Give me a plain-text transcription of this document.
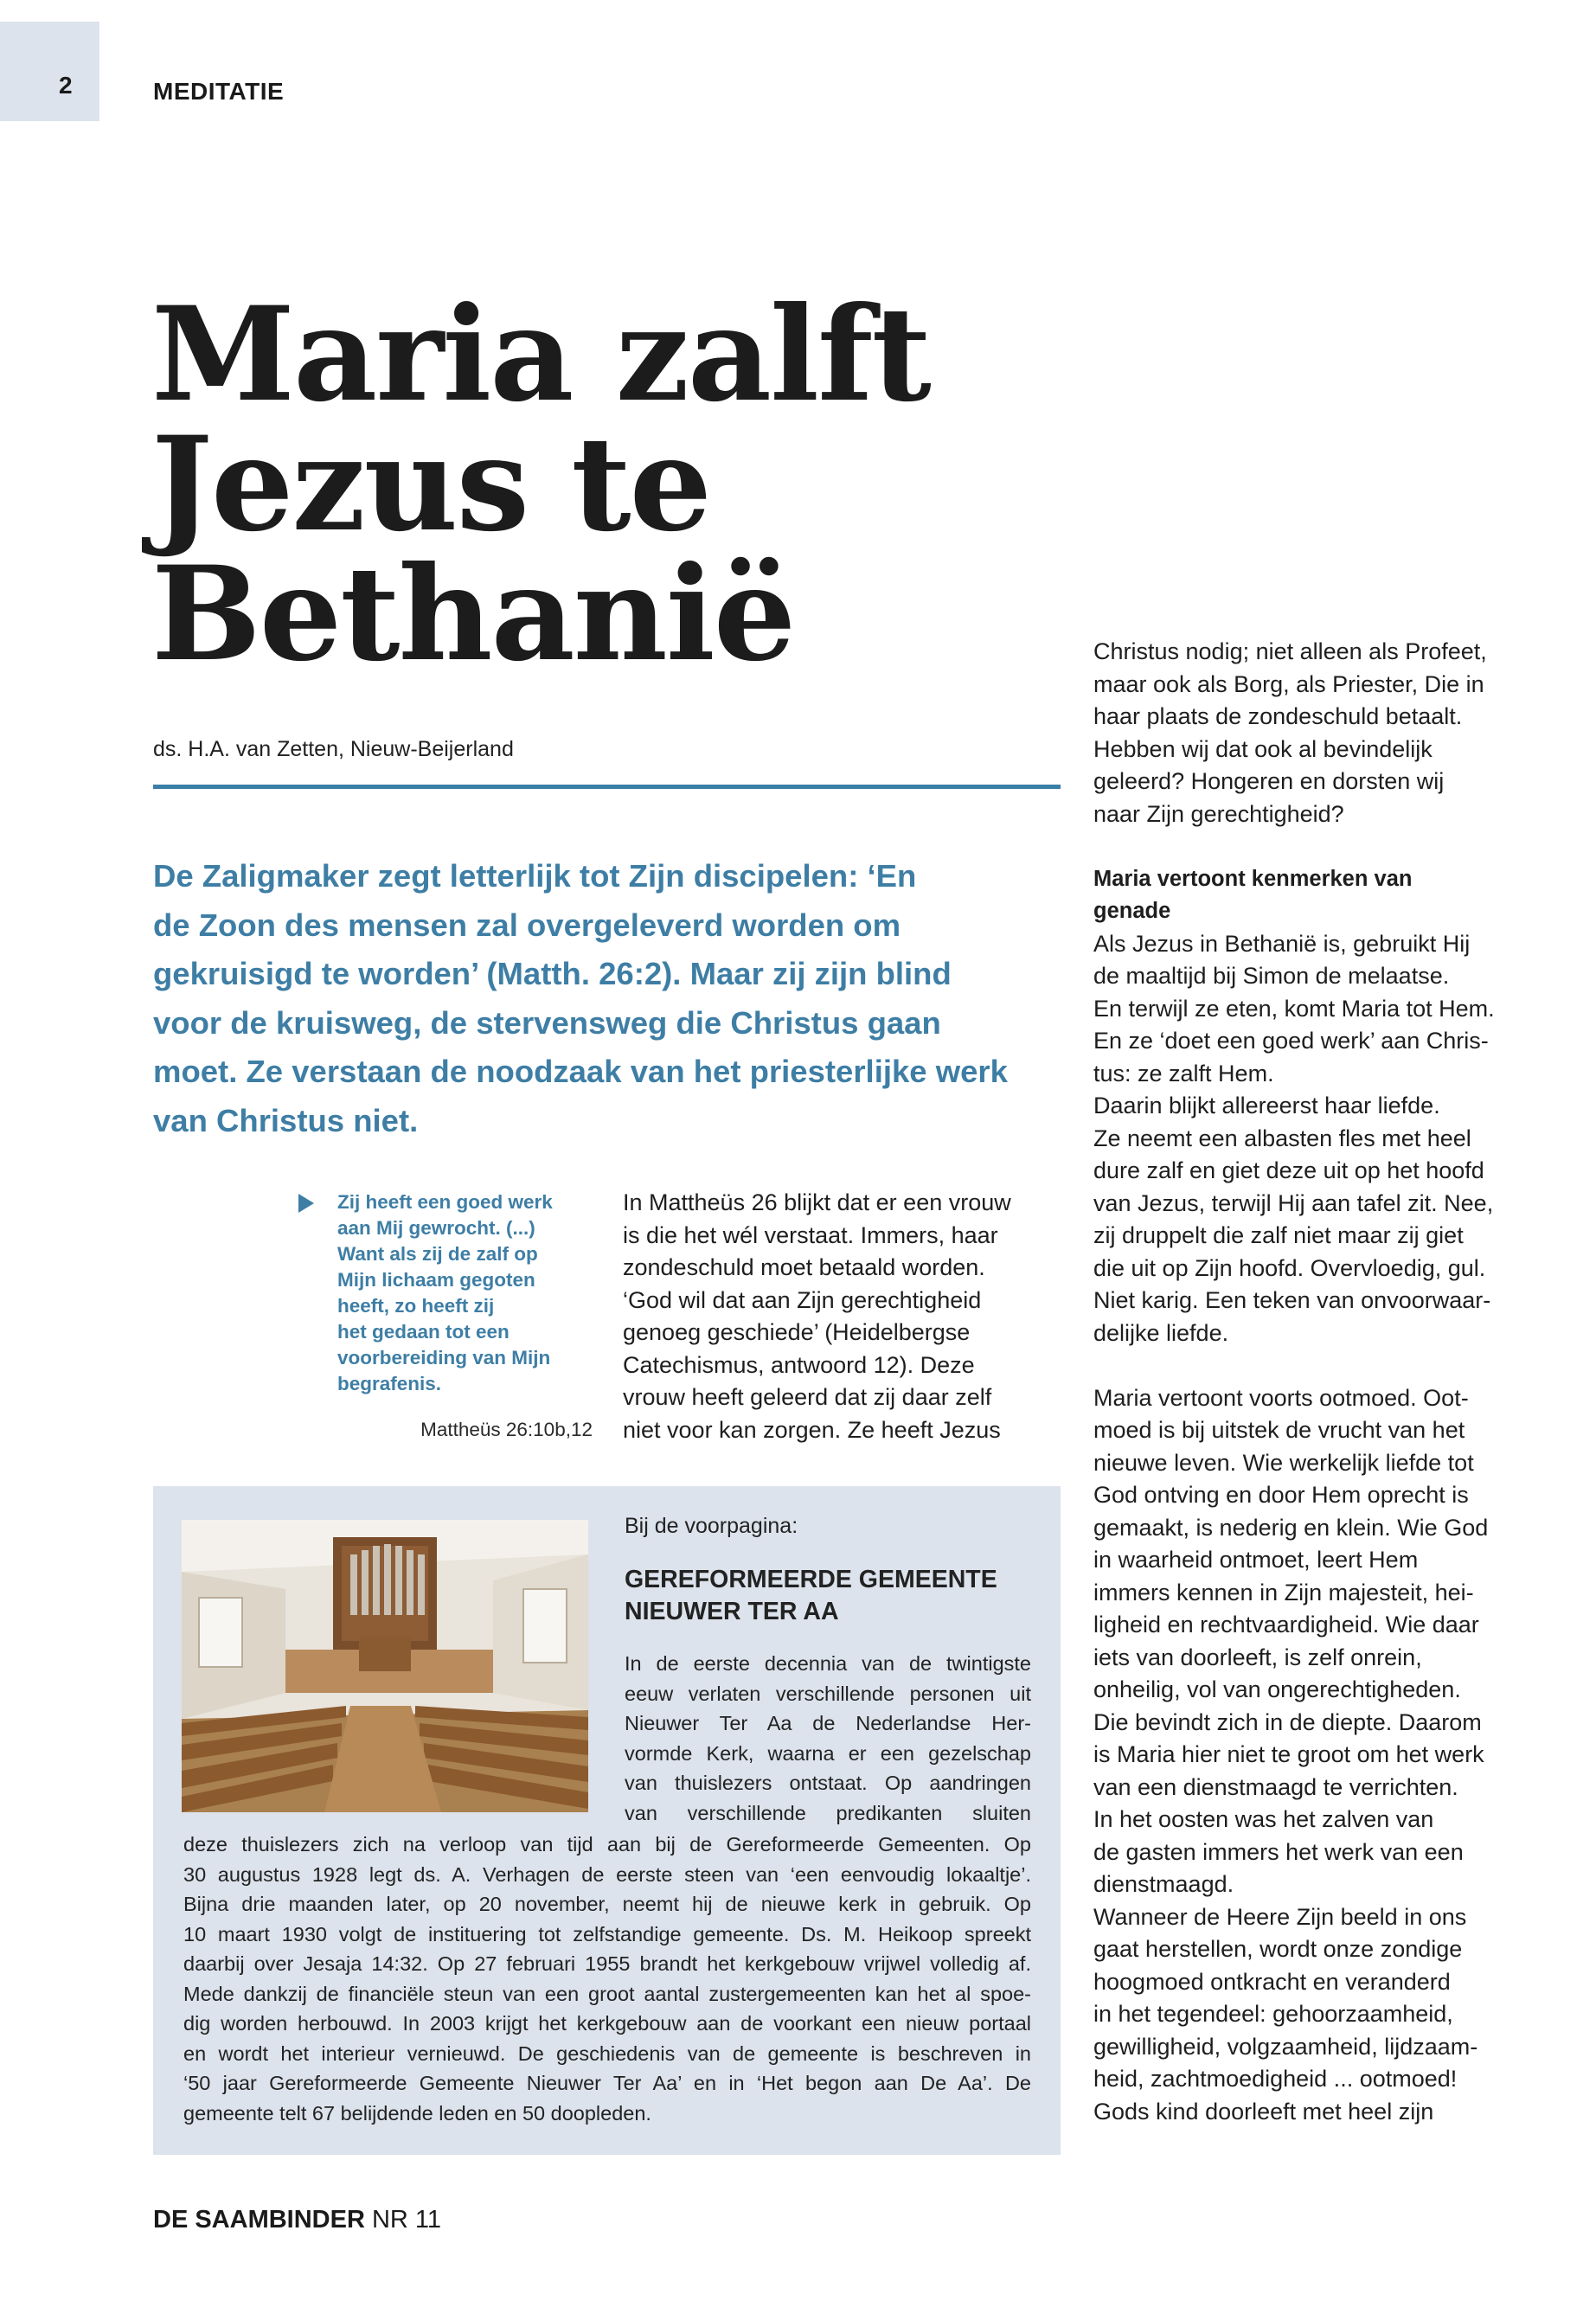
2	MEDITATIE
Maria zalft
Jezus te
Bethanië
ds. H.A. van Zetten, Nieuw-Beijerland
De Zaligmaker zegt letterlijk tot Zijn discipelen: ‘En
de Zoon des mensen zal overgeleverd worden om
gekruisigd te worden’ (Matth. 26:2). Maar zij zijn blind
voor de kruisweg, de stervensweg die Christus gaan
moet. Ze verstaan de noodzaak van het priesterlijke werk
van Christus niet.
Zij heeft een goed werk
aan Mij gewrocht. (...)
Want als zij de zalf op
Mijn lichaam gegoten
heeft, zo heeft zij
het gedaan tot een
voorbereiding van Mijn
begrafenis.
Mattheüs 26:10b,12
In Mattheüs 26 blijkt dat er een vrouw
is die het wél verstaat. Immers, haar
zondeschuld moet betaald worden.
‘God wil dat aan Zijn gerechtigheid
genoeg geschiede’ (Heidelbergse
Catechismus, antwoord 12). Deze
vrouw heeft geleerd dat zij daar zelf
niet voor kan zorgen. Ze heeft Jezus
Christus nodig; niet alleen als Profeet,
maar ook als Borg, als Priester, Die in
haar plaats de zondeschuld betaalt.
Hebben wij dat ook al bevindelijk
geleerd? Hongeren en dorsten wij
naar Zijn gerechtigheid?
Maria vertoont kenmerken van
genade
Als Jezus in Bethanië is, gebruikt Hij
de maaltijd bij Simon de melaatse.
En terwijl ze eten, komt Maria tot Hem.
En ze ‘doet een goed werk’ aan Chris-
tus: ze zalft Hem.
Daarin blijkt allereerst haar liefde.
Ze neemt een albasten fles met heel
dure zalf en giet deze uit op het hoofd
van Jezus, terwijl Hij aan tafel zit. Nee,
zij druppelt die zalf niet maar zij giet
die uit op Zijn hoofd. Overvloedig, gul.
Niet karig. Een teken van onvoorwaar-
delijke liefde.
Maria vertoont voorts ootmoed. Oot-
moed is bij uitstek de vrucht van het
nieuwe leven. Wie werkelijk liefde tot
God ontving en door Hem oprecht is
gemaakt, is nederig en klein. Wie God
in waarheid ontmoet, leert Hem
immers kennen in Zijn majesteit, hei-
ligheid en rechtvaardigheid. Wie daar
iets van doorleeft, is zelf onrein,
onheilig, vol van ongerechtigheden.
Die bevindt zich in de diepte. Daarom
is Maria hier niet te groot om het werk
van een dienstmaagd te verrichten.
In het oosten was het zalven van
de gasten immers het werk van een
dienstmaagd.
Wanneer de Heere Zijn beeld in ons
gaat herstellen, wordt onze zondige
hoogmoed ontkracht en veranderd
in het tegendeel: gehoorzaamheid,
gewilligheid, volgzaamheid, lijdzaam-
heid, zachtmoedigheid ... ootmoed!
Gods kind doorleeft met heel zijn
Bij de voorpagina:
GEREFORMEERDE GEMEENTE
NIEUWER TER AA
In de eerste decennia van de twintigste
eeuw verlaten verschillende personen uit
Nieuwer Ter Aa de Nederlandse Her-
vormde Kerk, waarna er een gezelschap
van thuislezers ontstaat. Op aandringen
van verschillende predikanten sluiten
deze thuislezers zich na verloop van tijd aan bij de Gereformeerde Gemeenten. Op
30 augustus 1928 legt ds. A. Verhagen de eerste steen van ‘een eenvoudig lokaaltje’.
Bijna drie maanden later, op 20 november, neemt hij de nieuwe kerk in gebruik. Op
10 maart 1930 volgt de instituering tot zelfstandige gemeente. Ds. M. Heikoop spreekt
daarbij over Jesaja 14:32. Op 27 februari 1955 brandt het kerkgebouw vrijwel volledig af.
Mede dankzij de financiële steun van een groot aantal zustergemeenten kan het al spoe-
dig worden herbouwd. In 2003 krijgt het kerkgebouw aan de voorkant een nieuw portaal
en wordt het interieur vernieuwd. De geschiedenis van de gemeente is beschreven in
‘50 jaar Gereformeerde Gemeente Nieuwer Ter Aa’ en in ‘Het begon aan De Aa’. De
gemeente telt 67 belijdende leden en 50 doopleden.
DE SAAMBINDER NR 11
